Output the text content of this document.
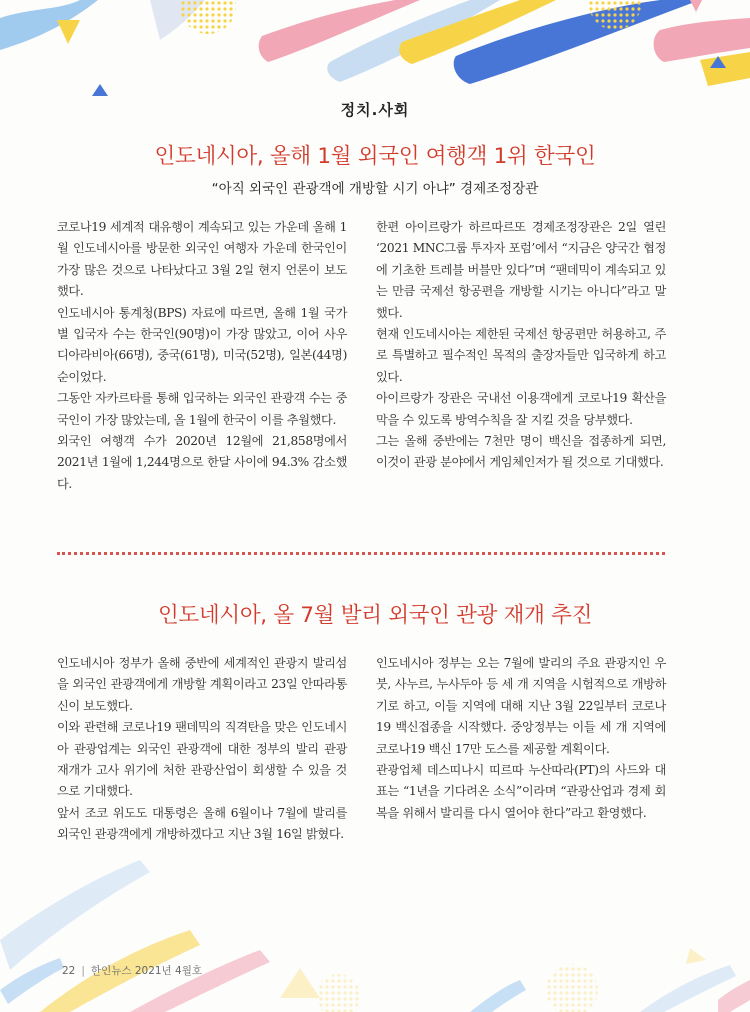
정치.사회
인도네시아, 올해 1월 외국인 여행객 1위 한국인
“아직 외국인 관광객에 개방할 시기 아냐” 경제조정장관

코로나19 세계적 대유행이 계속되고 있는 가운데 올해 1월 인도네시아를 방문한 외국인 여행자 가운데 한국인이 가장 많은 것으로 나타났다고 3월 2일 현지 언론이 보도했다.

인도네시아 통계청(BPS) 자료에 따르면, 올해 1월 국가별 입국자 수는 한국인(90명)이 가장 많았고, 이어 사우디아라비아(66명), 중국(61명), 미국(52명), 일본(44명) 순이었다.

그동안 자카르타를 통해 입국하는 외국인 관광객 수는 중국인이 가장 많았는데, 올 1월에 한국이 이를 추월했다.

외국인 여행객 수가 2020년 12월에 21,858명에서 2021년 1월에 1,244명으로 한달 사이에 94.3% 감소했다.

한편 아이르랑가 하르따르또 경제조정장관은 2일 열린 ‘2021 MNC그룹 투자자 포럼’에서 “지금은 양국간 협정에 기초한 트레블 버블만 있다”며 “팬데믹이 계속되고 있는 만큼 국제선 항공편을 개방할 시기는 아니다”라고 말했다.

현재 인도네시아는 제한된 국제선 항공편만 허용하고, 주로 특별하고 필수적인 목적의 출장자들만 입국하게 하고 있다.

아이르랑가 장관은 국내선 이용객에게 코로나19 확산을 막을 수 있도록 방역수칙을 잘 지킬 것을 당부했다.

그는 올해 중반에는 7천만 명이 백신을 접종하게 되면, 이것이 관광 분야에서 게임체인저가 될 것으로 기대했다.

인도네시아, 올 7월 발리 외국인 관광 재개 추진

인도네시아 정부가 올해 중반에 세계적인 관광지 발리섬을 외국인 관광객에게 개방할 계획이라고 23일 안따라통신이 보도했다.

이와 관련해 코로나19 팬데믹의 직격탄을 맞은 인도네시아 관광업계는 외국인 관광객에 대한 정부의 발리 관광 재개가 고사 위기에 처한 관광산업이 회생할 수 있을 것으로 기대했다.

앞서 조코 위도도 대통령은 올해 6월이나 7월에 발리를 외국인 관광객에게 개방하겠다고 지난 3월 16일 밝혔다.

인도네시아 정부는 오는 7월에 발리의 주요 관광지인 우붓, 사누르, 누사두아 등 세 개 지역을 시험적으로 개방하기로 하고, 이들 지역에 대해 지난 3월 22일부터 코로나19 백신접종을 시작했다. 중앙정부는 이들 세 개 지역에 코로나19 백신 17만 도스를 제공할 계획이다.

관광업체 데스띠나시 띠르따 누산따라(PT)의 사드와 대표는 “1년을 기다려온 소식”이라며 “관광산업과 경제 회복을 위해서 발리를 다시 열어야 한다”라고 환영했다.

22 | 한인뉴스 2021년 4월호
